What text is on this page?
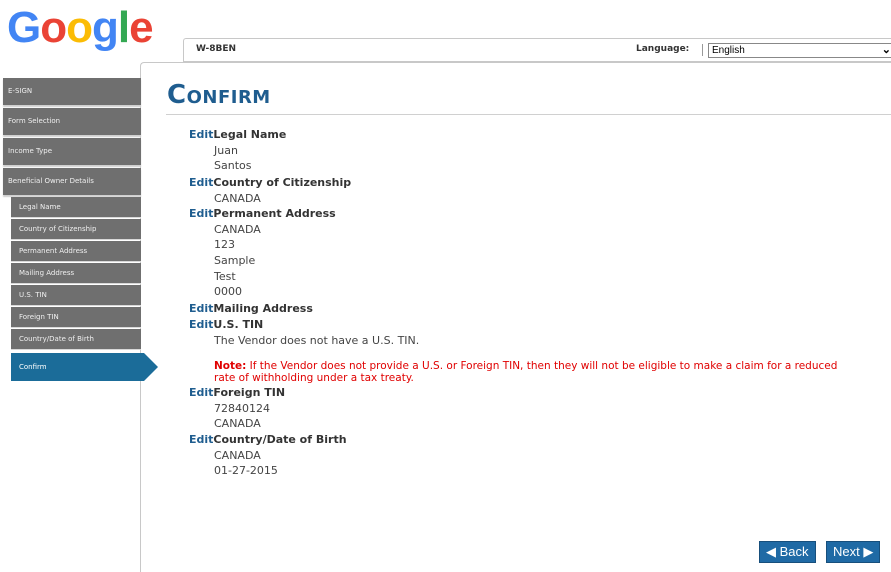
Google	W-8BEN	Language:	English	⌄
E-SIGN
Form Selection
Income Type
Beneficial Owner Details
Legal Name
Country of Citizenship
Permanent Address
Mailing Address
U.S. TIN
Foreign TIN
Country/Date of Birth
Confirm
Confirm
EditLegal Name
Juan
Santos
EditCountry of Citizenship
CANADA
EditPermanent Address
CANADA
123
Sample
Test
0000
EditMailing Address
EditU.S. TIN
The Vendor does not have a U.S. TIN.
Note: If the Vendor does not provide a U.S. or Foreign TIN, then they will not be eligible to make a claim for a reduced rate of withholding under a tax treaty.
EditForeign TIN
72840124
CANADA
EditCountry/Date of Birth
CANADA
01-27-2015
◀ Back	Next ▶
